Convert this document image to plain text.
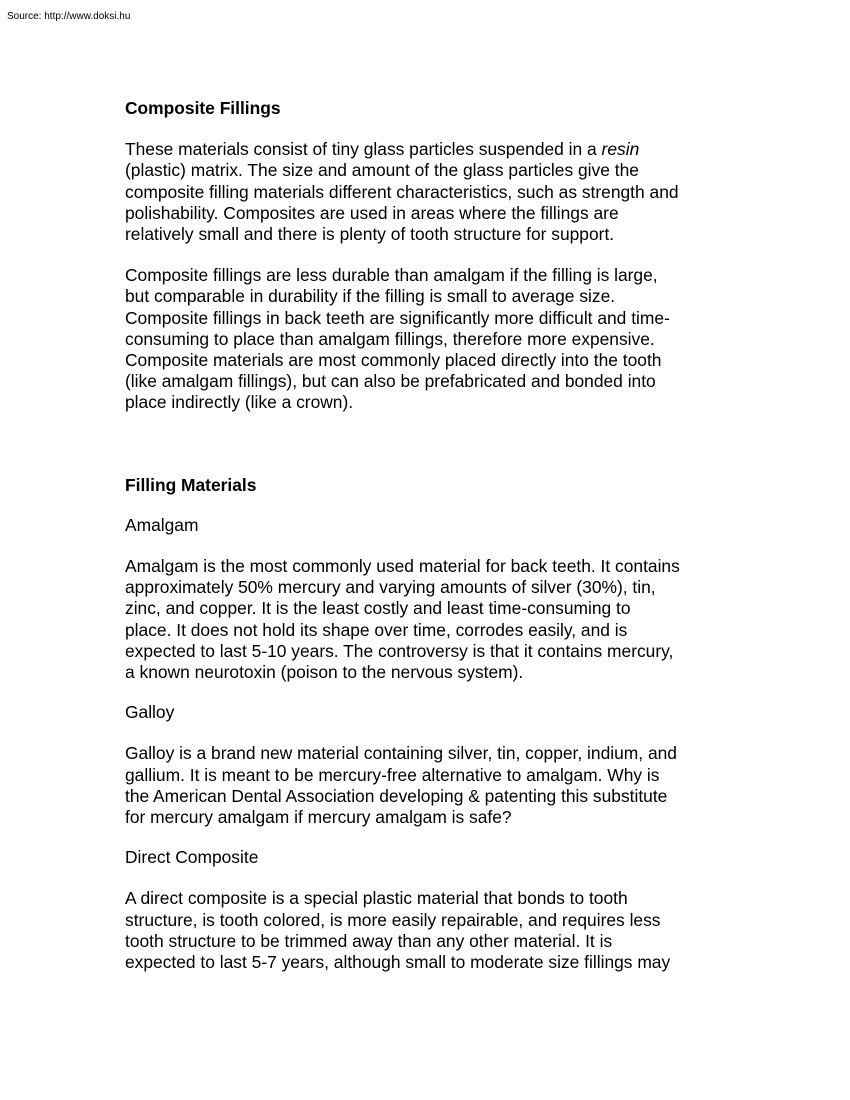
Source: http://www.doksi.hu

Composite Fillings

These materials consist of tiny glass particles suspended in a resin
(plastic) matrix. The size and amount of the glass particles give the
composite filling materials different characteristics, such as strength and
polishability. Composites are used in areas where the fillings are
relatively small and there is plenty of tooth structure for support.

Composite fillings are less durable than amalgam if the filling is large,
but comparable in durability if the filling is small to average size.
Composite fillings in back teeth are significantly more difficult and time-
consuming to place than amalgam fillings, therefore more expensive.
Composite materials are most commonly placed directly into the tooth
(like amalgam fillings), but can also be prefabricated and bonded into
place indirectly (like a crown).

Filling Materials

Amalgam

Amalgam is the most commonly used material for back teeth. It contains
approximately 50% mercury and varying amounts of silver (30%), tin,
zinc, and copper. It is the least costly and least time-consuming to
place. It does not hold its shape over time, corrodes easily, and is
expected to last 5-10 years. The controversy is that it contains mercury,
a known neurotoxin (poison to the nervous system).

Galloy

Galloy is a brand new material containing silver, tin, copper, indium, and
gallium. It is meant to be mercury-free alternative to amalgam. Why is
the American Dental Association developing & patenting this substitute
for mercury amalgam if mercury amalgam is safe?

Direct Composite

A direct composite is a special plastic material that bonds to tooth
structure, is tooth colored, is more easily repairable, and requires less
tooth structure to be trimmed away than any other material. It is
expected to last 5-7 years, although small to moderate size fillings may
